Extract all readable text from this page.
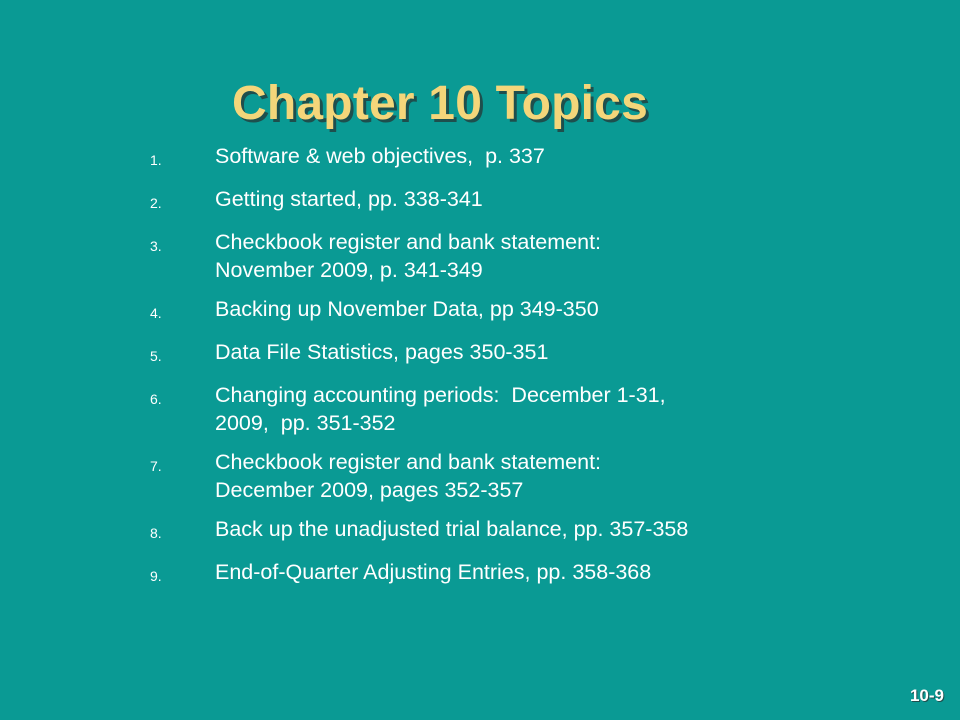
Chapter 10 Topics
1.	Software & web objectives,  p. 337
2.	Getting started, pp. 338-341
3.	Checkbook register and bank statement:
November 2009, p. 341-349
4.	Backing up November Data, pp 349-350
5.	Data File Statistics, pages 350-351
6.	Changing accounting periods:  December 1-31,
2009,  pp. 351-352
7.	Checkbook register and bank statement:
December 2009, pages 352-357
8.	Back up the unadjusted trial balance, pp. 357-358
9.	End-of-Quarter Adjusting Entries, pp. 358-368
10-9
